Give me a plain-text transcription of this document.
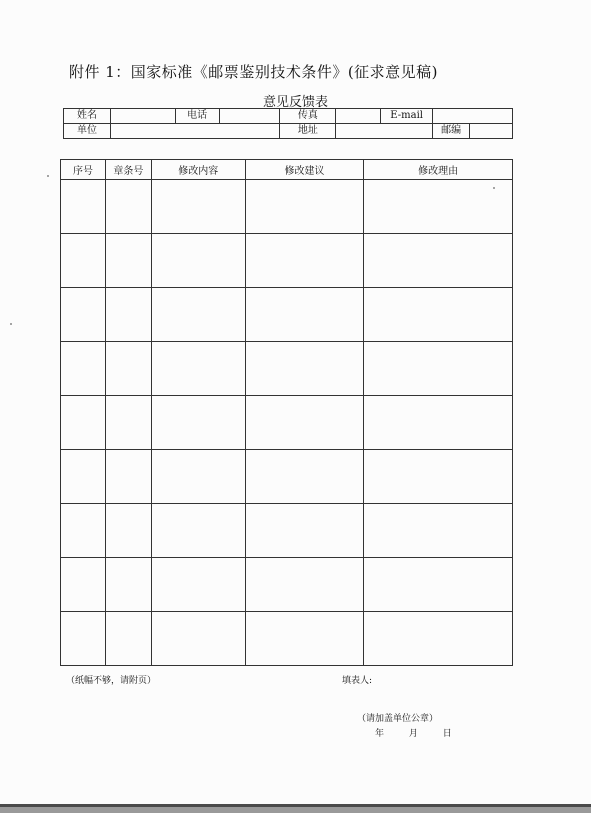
附件 1：国家标准《邮票鉴别技术条件》(征求意见稿)
意见反馈表
姓名		电话		传真		E-mail	
单位				地址			邮编
序号	章条号	修改内容	修改建议	修改理由

（纸幅不够，请附页）	填表人:
（请加盖单位公章）
年	月	日
